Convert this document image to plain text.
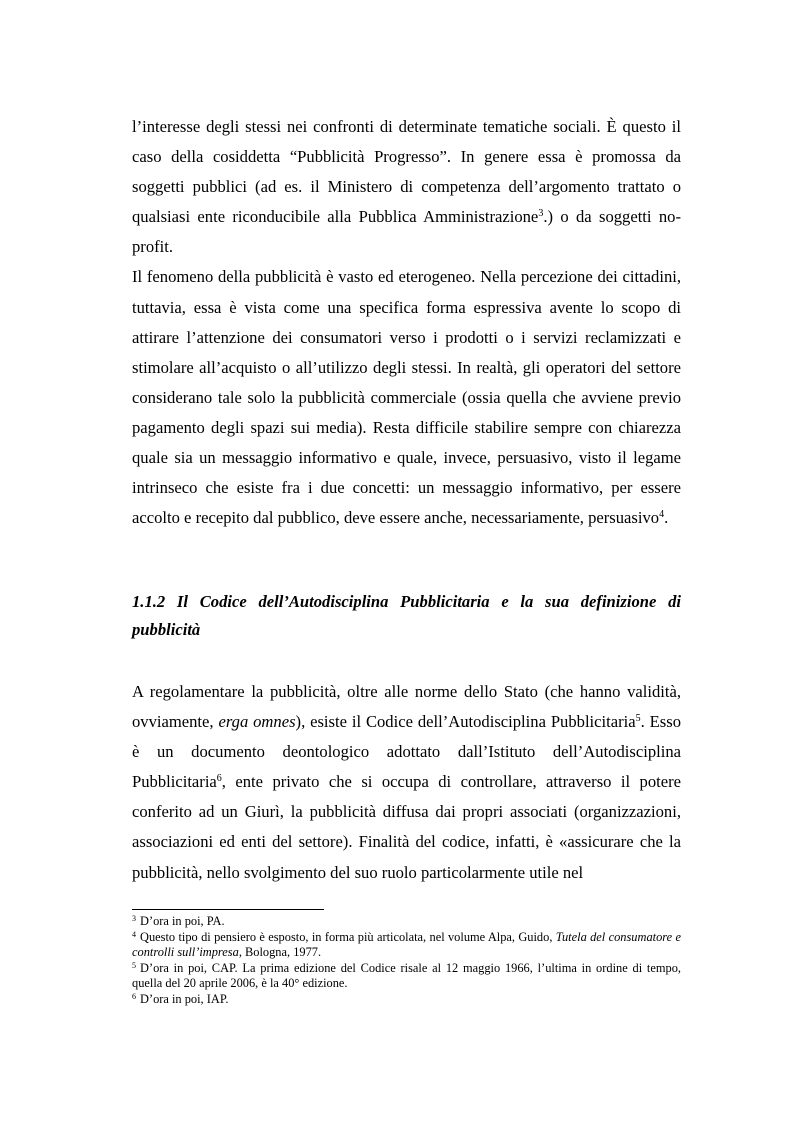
l’interesse degli stessi nei confronti di determinate tematiche sociali. È questo il caso della cosiddetta “Pubblicità Progresso”. In genere essa è promossa da soggetti pubblici (ad es. il Ministero di competenza dell’argomento trattato o qualsiasi ente riconducibile alla Pubblica Amministrazione$^3$.) o da soggetti no-profit.

Il fenomeno della pubblicità è vasto ed eterogeneo. Nella percezione dei cittadini, tuttavia, essa è vista come una specifica forma espressiva avente lo scopo di attirare l’attenzione dei consumatori verso i prodotti o i servizi reclamizzati e stimolare all’acquisto o all’utilizzo degli stessi. In realtà, gli operatori del settore considerano tale solo la pubblicità commerciale (ossia quella che avviene previo pagamento degli spazi sui media). Resta difficile stabilire sempre con chiarezza quale sia un messaggio informativo e quale, invece, persuasivo, visto il legame intrinseco che esiste fra i due concetti: un messaggio informativo, per essere accolto e recepito dal pubblico, deve essere anche, necessariamente, persuasivo$^4$.

1.1.2 Il Codice dell’Autodisciplina Pubblicitaria e la sua definizione di pubblicità

A regolamentare la pubblicità, oltre alle norme dello Stato (che hanno validità, ovviamente, erga omnes), esiste il Codice dell’Autodisciplina Pubblicitaria$^5$. Esso è un documento deontologico adottato dall’Istituto dell’Autodisciplina Pubblicitaria$^6$, ente privato che si occupa di controllare, attraverso il potere conferito ad un Giurì, la pubblicità diffusa dai propri associati (organizzazioni, associazioni ed enti del settore). Finalità del codice, infatti, è «assicurare che la pubblicità, nello svolgimento del suo ruolo particolarmente utile nel

$^3$ D’ora in poi, PA.

$^4$ Questo tipo di pensiero è esposto, in forma più articolata, nel volume Alpa, Guido, Tutela del consumatore e controlli sull’impresa, Bologna, 1977.

$^5$ D’ora in poi, CAP. La prima edizione del Codice risale al 12 maggio 1966, l’ultima in ordine di tempo, quella del 20 aprile 2006, è la 40° edizione.

$^6$ D’ora in poi, IAP.
